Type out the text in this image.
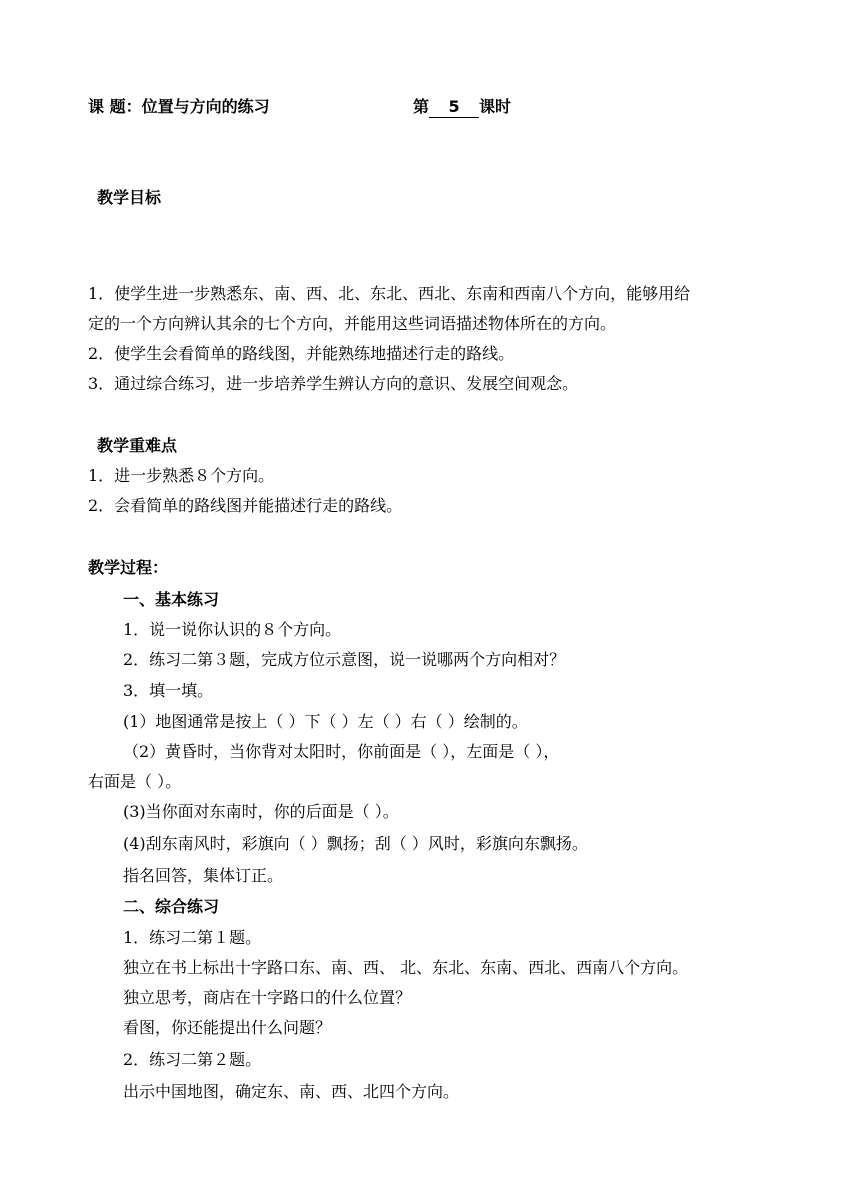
课 题：位置与方向的练习	第 5 课时
教学目标
1．使学生进一步熟悉东、南、西、北、东北、西北、东南和西南八个方向，能够用给
定的一个方向辨认其余的七个方向，并能用这些词语描述物体所在的方向。
2．使学生会看简单的路线图，并能熟练地描述行走的路线。
3．通过综合练习，进一步培养学生辨认方向的意识、发展空间观念。
教学重难点
1．进一步熟悉８个方向。
2．会看简单的路线图并能描述行走的路线。
教学过程：
一、基本练习
1．说一说你认识的８个方向。
2．练习二第３题，完成方位示意图，说一说哪两个方向相对？
3．填一填。
(1）地图通常是按上（ ）下（ ）左（ ）右（ ）绘制的。
（2）黄昏时，当你背对太阳时，你前面是（ ），左面是（ ），
右面是（ ）。
(3)当你面对东南时，你的后面是（ ）。
(4)刮东南风时，彩旗向（ ）飘扬；刮（ ）风时，彩旗向东飘扬。
指名回答，集体订正。
二、综合练习
1．练习二第１题。
独立在书上标出十字路口东、南、西、 北、东北、东南、西北、西南八个方向。
独立思考，商店在十字路口的什么位置？
看图，你还能提出什么问题？
2．练习二第２题。
出示中国地图，确定东、南、西、北四个方向。
